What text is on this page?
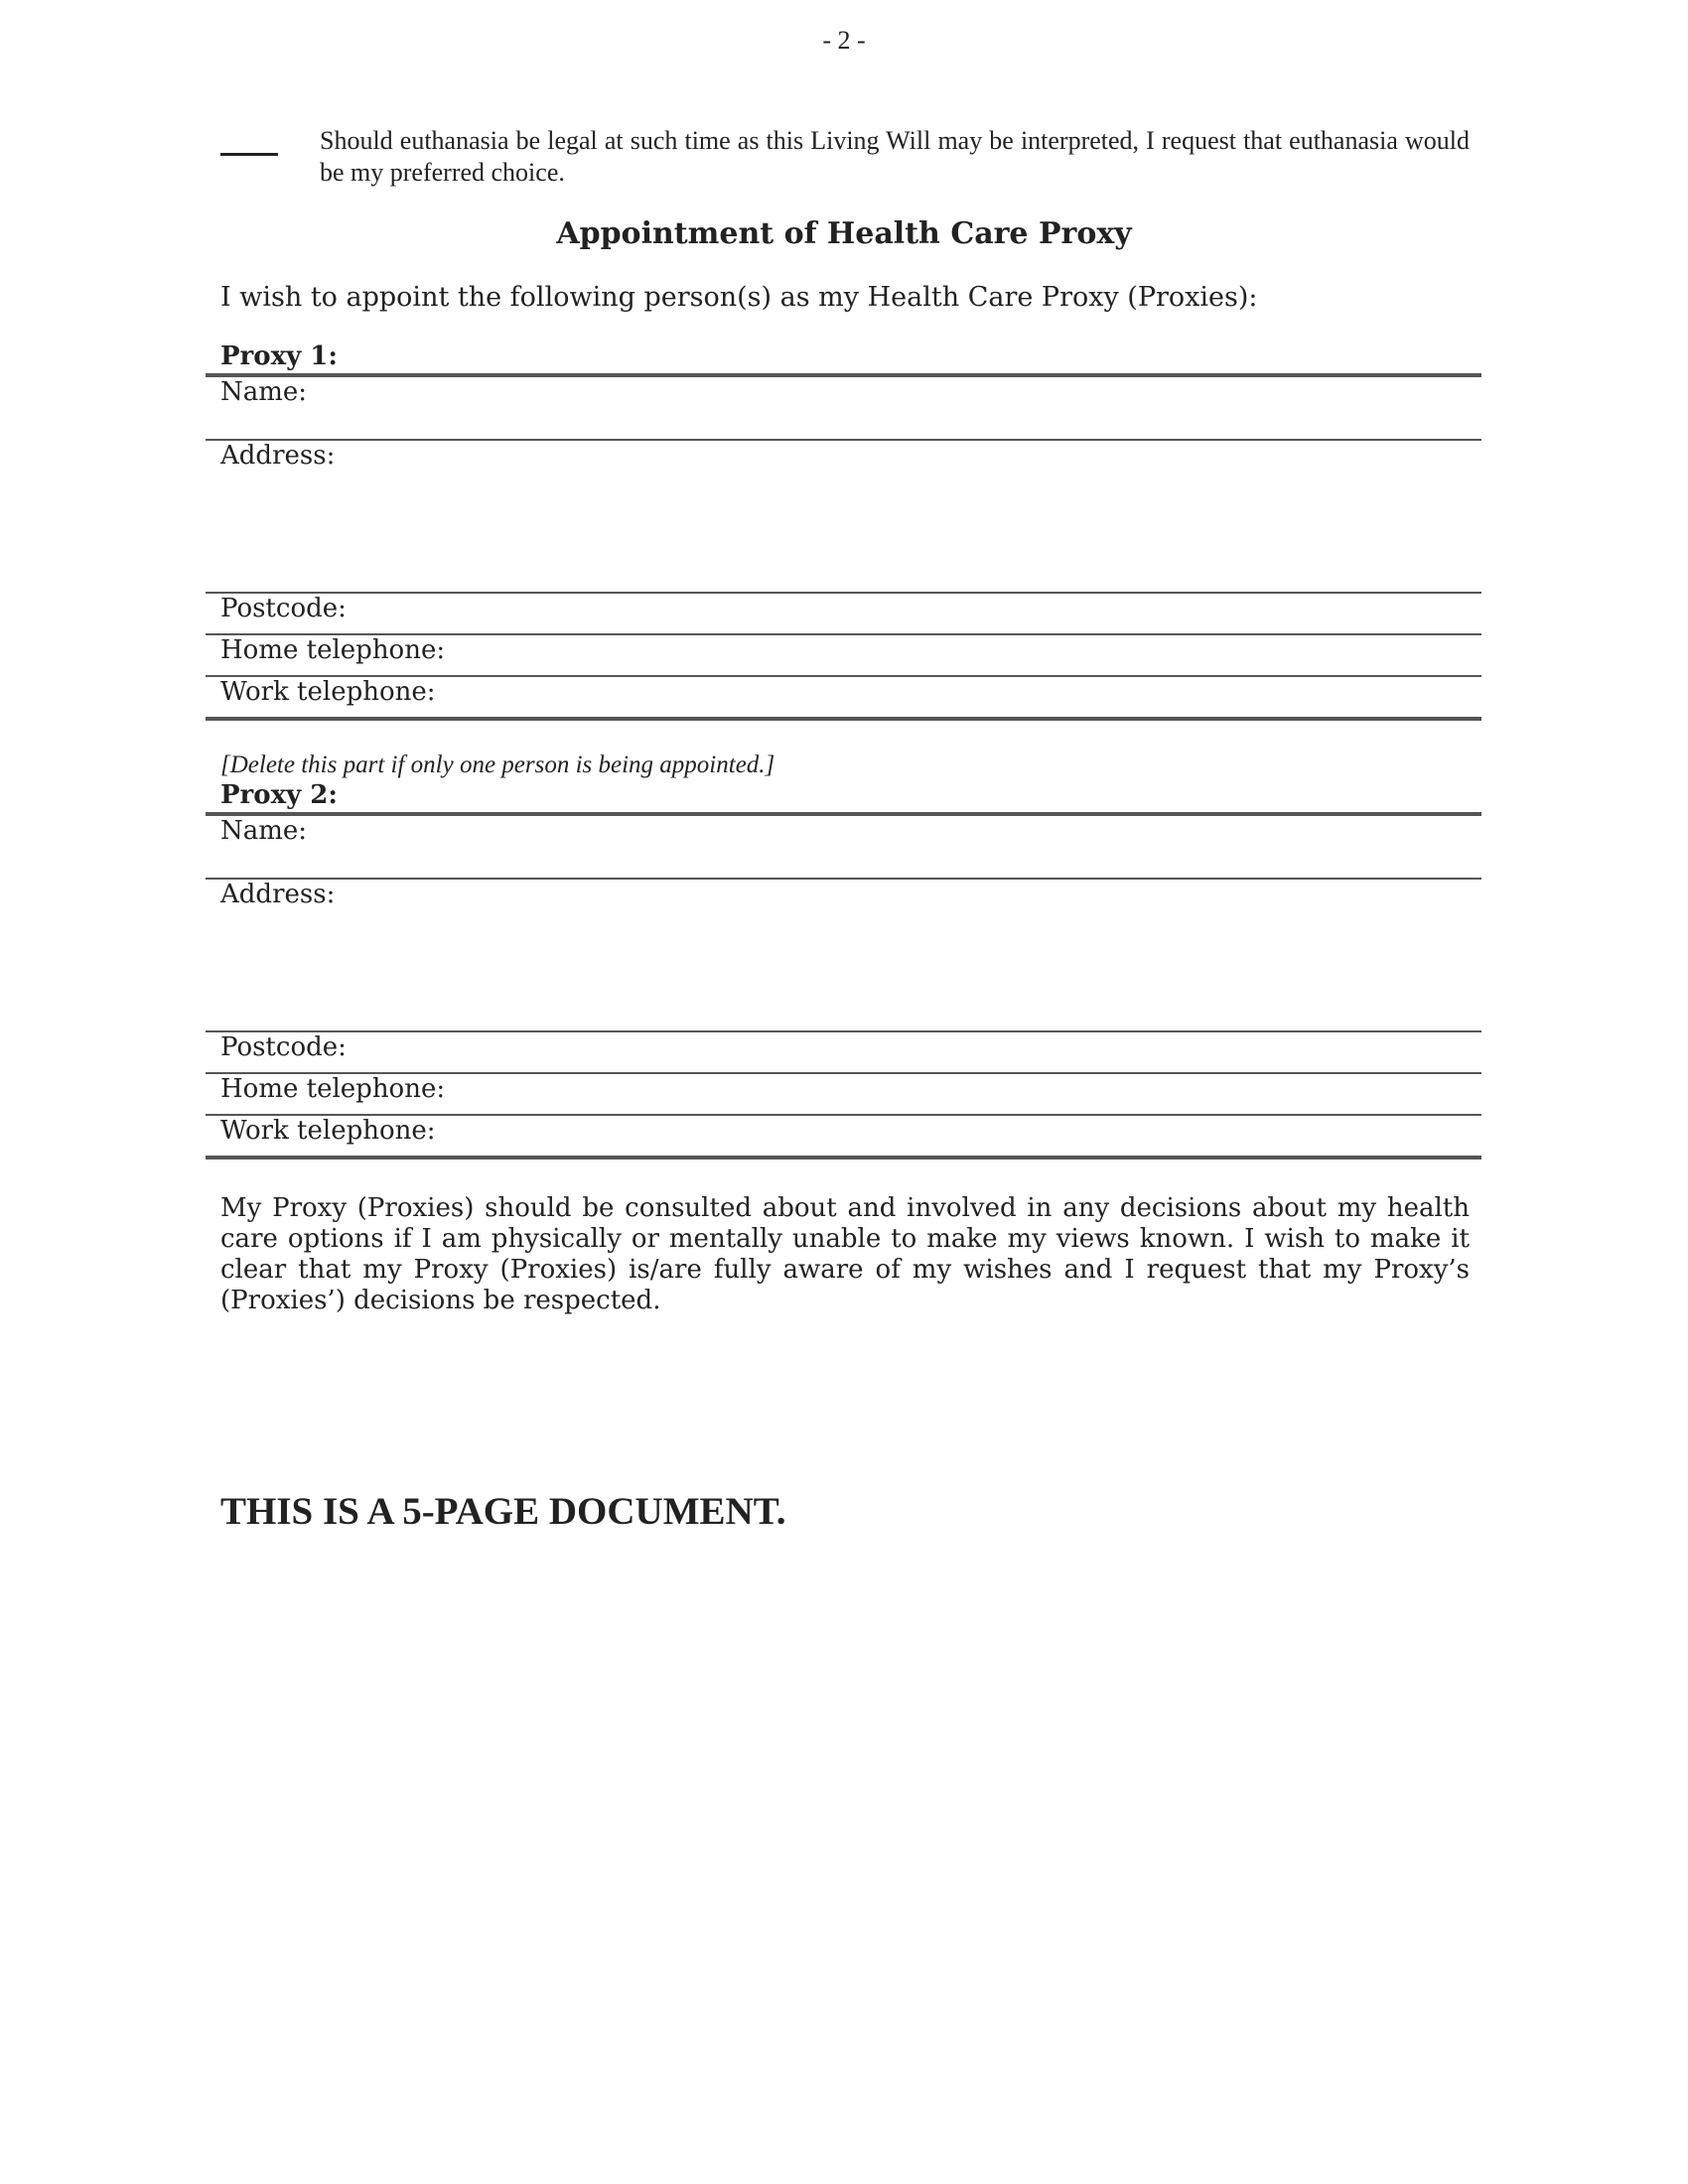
- 2 -
Should euthanasia be legal at such time as this Living Will may be interpreted, I request that euthanasia would be my preferred choice.
Appointment of Health Care Proxy
I wish to appoint the following person(s) as my Health Care Proxy (Proxies):
Proxy 1:
Name:
Address:
Postcode:
Home telephone:
Work telephone:
[Delete this part if only one person is being appointed.]
Proxy 2:
Name:
Address:
Postcode:
Home telephone:
Work telephone:
My Proxy (Proxies) should be consulted about and involved in any decisions about my health care options if I am physically or mentally unable to make my views known. I wish to make it clear that my Proxy (Proxies) is/are fully aware of my wishes and I request that my Proxy’s (Proxies’) decisions be respected.
THIS IS A 5-PAGE DOCUMENT.
